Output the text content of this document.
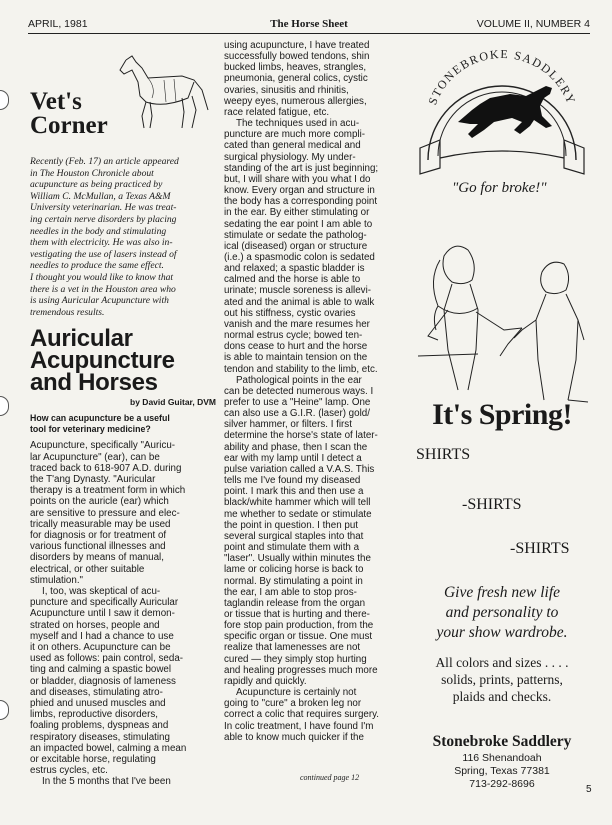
APRIL, 1981	The Horse Sheet	VOLUME II, NUMBER 4
Vet's
Corner

Recently (Feb. 17) an article appeared

in The Houston Chronicle about

acupuncture as being practiced by

William C. McMullan, a Texas A&M

University veterinarian. He was treat-

ing certain nerve disorders by placing

needles in the body and stimulating

them with electricity. He was also in-

vestigating the use of lasers instead of

needles to produce the same effect.

I thought you would like to know that

there is a vet in the Houston area who

is using Auricular Acupuncture with

tremendous results.

Auricular
Acupuncture
and Horses
by David Guitar, DVM
How can acupuncture be a useful
tool for veterinary medicine?

Acupuncture, specifically "Auricu-

lar Acupuncture" (ear), can be

traced back to 618-907 A.D. during

the T'ang Dynasty. "Auricular

therapy is a treatment form in which

points on the auricle (ear) which

are sensitive to pressure and elec-

trically measurable may be used

for diagnosis or for treatment of

various functional illnesses and

disorders by means of manual,

electrical, or other suitable

stimulation."

I, too, was skeptical of acu-

puncture and specifically Auricular

Acupuncture until I saw it demon-

strated on horses, people and

myself and I had a chance to use

it on others. Acupuncture can be

used as follows: pain control, seda-

ting and calming a spastic bowel

or bladder, diagnosis of lameness

and diseases, stimulating atro-

phied and unused muscles and

limbs, reproductive disorders,

foaling problems, dyspneas and

respiratory diseases, stimulating

an impacted bowel, calming a mean

or excitable horse, regulating

estrus cycles, etc.

In the 5 months that I've been

using acupuncture, I have treated

successfully bowed tendons, shin

bucked limbs, heaves, strangles,

pneumonia, general colics, cystic

ovaries, sinusitis and rhinitis,

weepy eyes, numerous allergies,

race related fatigue, etc.

The techniques used in acu-

puncture are much more compli-

cated than general medical and

surgical physiology. My under-

standing of the art is just beginning;

but, I will share with you what I do

know. Every organ and structure in

the body has a corresponding point

in the ear. By either stimulating or

sedating the ear point I am able to

stimulate or sedate the patholog-

ical (diseased) organ or structure

(i.e.) a spasmodic colon is sedated

and relaxed; a spastic bladder is

calmed and the horse is able to

urinate; muscle soreness is allevi-

ated and the animal is able to walk

out his stiffness, cystic ovaries

vanish and the mare resumes her

normal estrus cycle; bowed ten-

dons cease to hurt and the horse

is able to maintain tension on the

tendon and stability to the limb, etc.

Pathological points in the ear

can be detected numerous ways. I

prefer to use a "Heine" lamp. One

can also use a G.I.R. (laser) gold/

silver hammer, or filters. I first

determine the horse's state of later-

ability and phase, then I scan the

ear with my lamp until I detect a

pulse variation called a V.A.S. This

tells me I've found my diseased

point. I mark this and then use a

black/white hammer which will tell

me whether to sedate or stimulate

the point in question. I then put

several surgical staples into that

point and stimulate them with a

"laser". Usually within minutes the

lame or colicing horse is back to

normal. By stimulating a point in

the ear, I am able to stop pros-

taglandin release from the organ

or tissue that is hurting and there-

fore stop pain production, from the

specific organ or tissue. One must

realize that lamenesses are not

cured — they simply stop hurting

and healing progresses much more

rapidly and quickly.

Acupuncture is certainly not

going to "cure" a broken leg nor

correct a colic that requires surgery.

In colic treatment, I have found I'm

able to know much quicker if the

continued page 12
STONEBROKE SADDLERY
"Go for broke!"
It's Spring!
SHIRTS
-SHIRTS
-SHIRTS
Give fresh new life
and personality to
your show wardrobe.
All colors and sizes . . . .
solids, prints, patterns,
plaids and checks.
Stonebroke Saddlery
116 Shenandoah
Spring, Texas 77381
713-292-8696	5
